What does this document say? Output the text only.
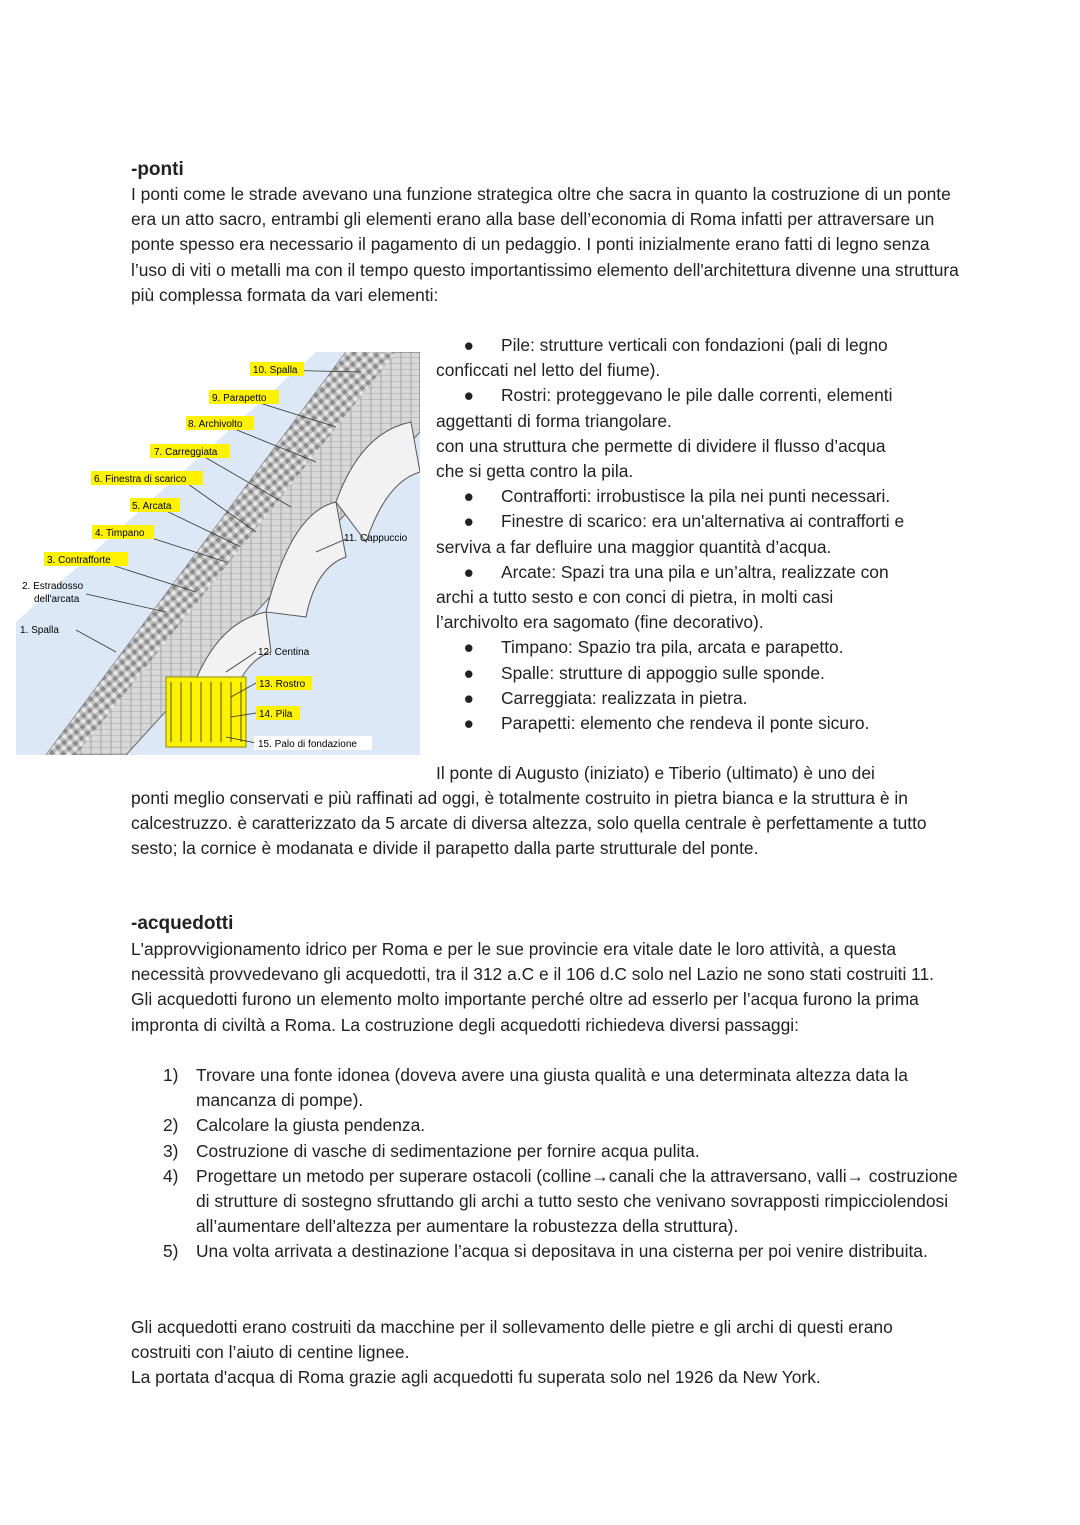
-ponti

I ponti come le strade avevano una funzione strategica oltre che sacra in quanto la costruzione di un ponte era un atto sacro, entrambi gli elementi erano alla base dell’economia di Roma infatti per attraversare un ponte spesso era necessario il pagamento di un pedaggio. I ponti inizialmente erano fatti di legno senza l’uso di viti o metalli ma con il tempo questo importantissimo elemento dell'architettura divenne una struttura più complessa formata da vari elementi:

10. Spalla
9. Parapetto
8. Archivolto
7. Carreggiata
6. Finestra di scarico
5. Arcata
4. Timpano
3. Contrafforte
2. Estradosso
dell'arcata
1. Spalla
11. Cappuccio
12. Centina
13. Rostro
14. Pila
15. Palo di fondazione
● Pile: strutture verticali con fondazioni (pali di legno
conficcati nel letto del fiume).
● Rostri: proteggevano le pile dalle correnti, elementi
aggettanti di forma triangolare.
con una struttura che permette di dividere il flusso d’acqua
che si getta contro la pila.
● Contrafforti: irrobustisce la pila nei punti necessari.
● Finestre di scarico: era un'alternativa ai contrafforti e
serviva a far defluire una maggior quantità d’acqua.
● Arcate: Spazi tra una pila e un’altra, realizzate con
archi a tutto sesto e con conci di pietra, in molti casi
l’archivolto era sagomato (fine decorativo).
● Timpano: Spazio tra pila, arcata e parapetto.
● Spalle: strutture di appoggio sulle sponde.
● Carreggiata: realizzata in pietra.
● Parapetti: elemento che rendeva il ponte sicuro.
Il ponte di Augusto (iniziato) e Tiberio (ultimato) è uno dei

ponti meglio conservati e più raffinati ad oggi, è totalmente costruito in pietra bianca e la struttura è in calcestruzzo. è caratterizzato da 5 arcate di diversa altezza, solo quella centrale è perfettamente a tutto sesto; la cornice è modanata e divide il parapetto dalla parte strutturale del ponte.

-acquedotti

L'approvvigionamento idrico per Roma e per le sue provincie era vitale date le loro attività, a questa necessità provvedevano gli acquedotti, tra il 312 a.C e il 106 d.C solo nel Lazio ne sono stati costruiti 11. Gli acquedotti furono un elemento molto importante perché oltre ad esserlo per l’acqua furono la prima impronta di civiltà a Roma. La costruzione degli acquedotti richiedeva diversi passaggi:

1) Trovare una fonte idonea (doveva avere una giusta qualità e una determinata altezza data la mancanza di pompe).
2) Calcolare la giusta pendenza.
3) Costruzione di vasche di sedimentazione per fornire acqua pulita.
4) Progettare un metodo per superare ostacoli (colline→canali che la attraversano, valli→ costruzione di strutture di sostegno sfruttando gli archi a tutto sesto che venivano sovrapposti rimpicciolendosi all’aumentare dell’altezza per aumentare la robustezza della struttura).
5) Una volta arrivata a destinazione l’acqua si depositava in una cisterna per poi venire distribuita.

Gli acquedotti erano costruiti da macchine per il sollevamento delle pietre e gli archi di questi erano costruiti con l’aiuto di centine lignee.

La portata d'acqua di Roma grazie agli acquedotti fu superata solo nel 1926 da New York.
